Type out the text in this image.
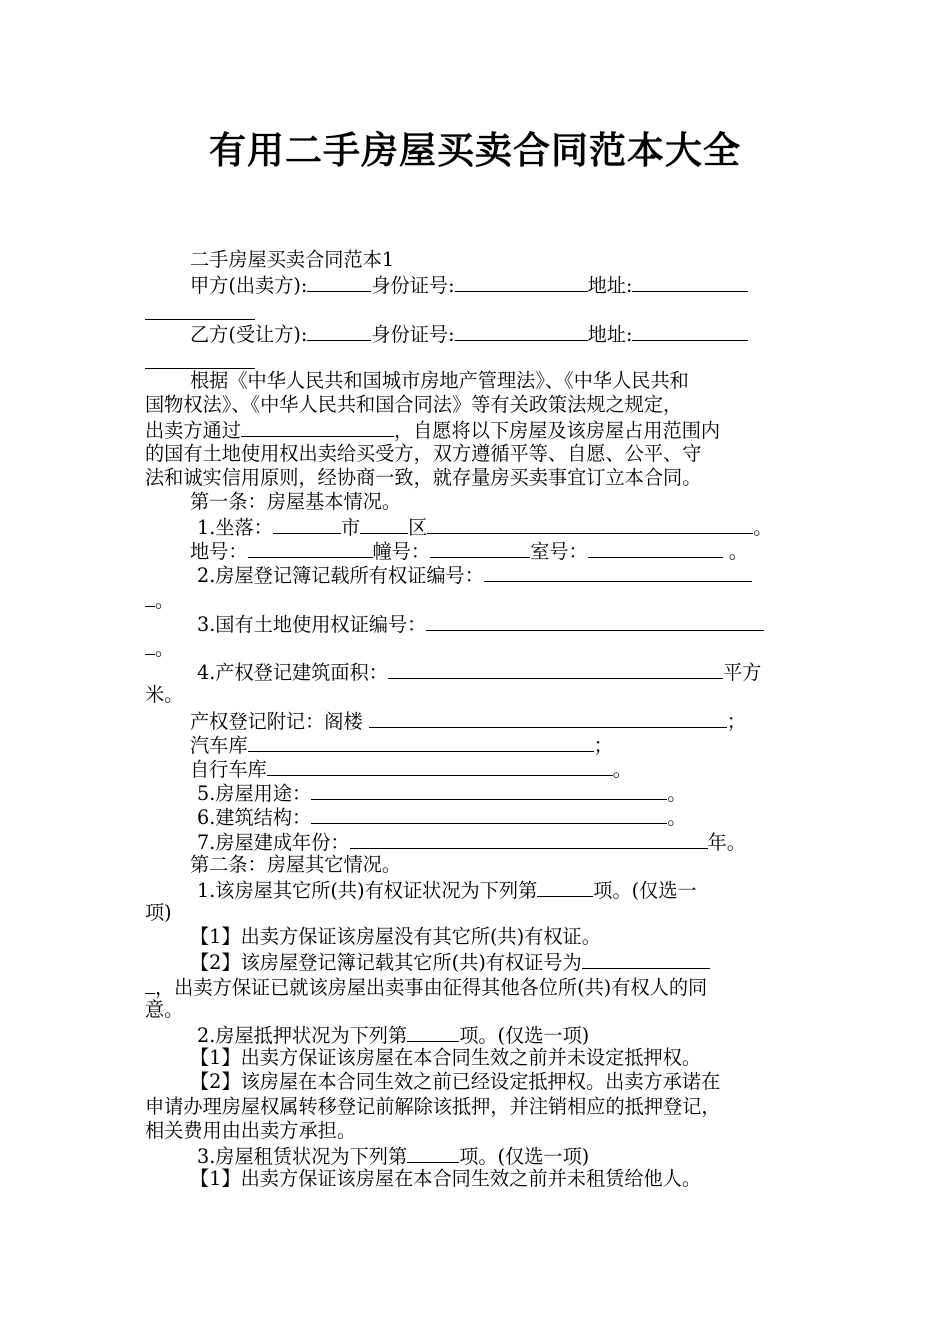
有用二手房屋买卖合同范本大全
二手房屋买卖合同范本1
甲方(出卖方):	身份证号:	地址:
乙方(受让方):	身份证号:	地址:
根据《中华人民共和国城市房地产管理法》、《中华人民共和
国物权法》、《中华人民共和国合同法》等有关政策法规之规定，
出卖方通过	，自愿将以下房屋及该房屋占用范围内
的国有土地使用权出卖给买受方，双方遵循平等、自愿、公平、守
法和诚实信用原则，经协商一致，就存量房买卖事宜订立本合同。
第一条：房屋基本情况。
1.坐落：	市	区	。
地号：	幢号：	室号：	。
2.房屋登记簿记载所有权证编号：
。
3.国有土地使用权证编号：
。
4.产权登记建筑面积：	平方
米。
产权登记附记：阁楼	；
汽车库	；
自行车库	。
5.房屋用途：	。
6.建筑结构：	。
7.房屋建成年份：	年。
第二条：房屋其它情况。
1.该房屋其它所(共)有权证状况为下列第	项。(仅选一
项)
【1】出卖方保证该房屋没有其它所(共)有权证。
【2】该房屋登记簿记载其它所(共)有权证号为
，出卖方保证已就该房屋出卖事由征得其他各位所(共)有权人的同
意。
2.房屋抵押状况为下列第	项。(仅选一项)
【1】出卖方保证该房屋在本合同生效之前并未设定抵押权。
【2】该房屋在本合同生效之前已经设定抵押权。出卖方承诺在
申请办理房屋权属转移登记前解除该抵押，并注销相应的抵押登记，
相关费用由出卖方承担。
3.房屋租赁状况为下列第	项。(仅选一项)
【1】出卖方保证该房屋在本合同生效之前并未租赁给他人。
